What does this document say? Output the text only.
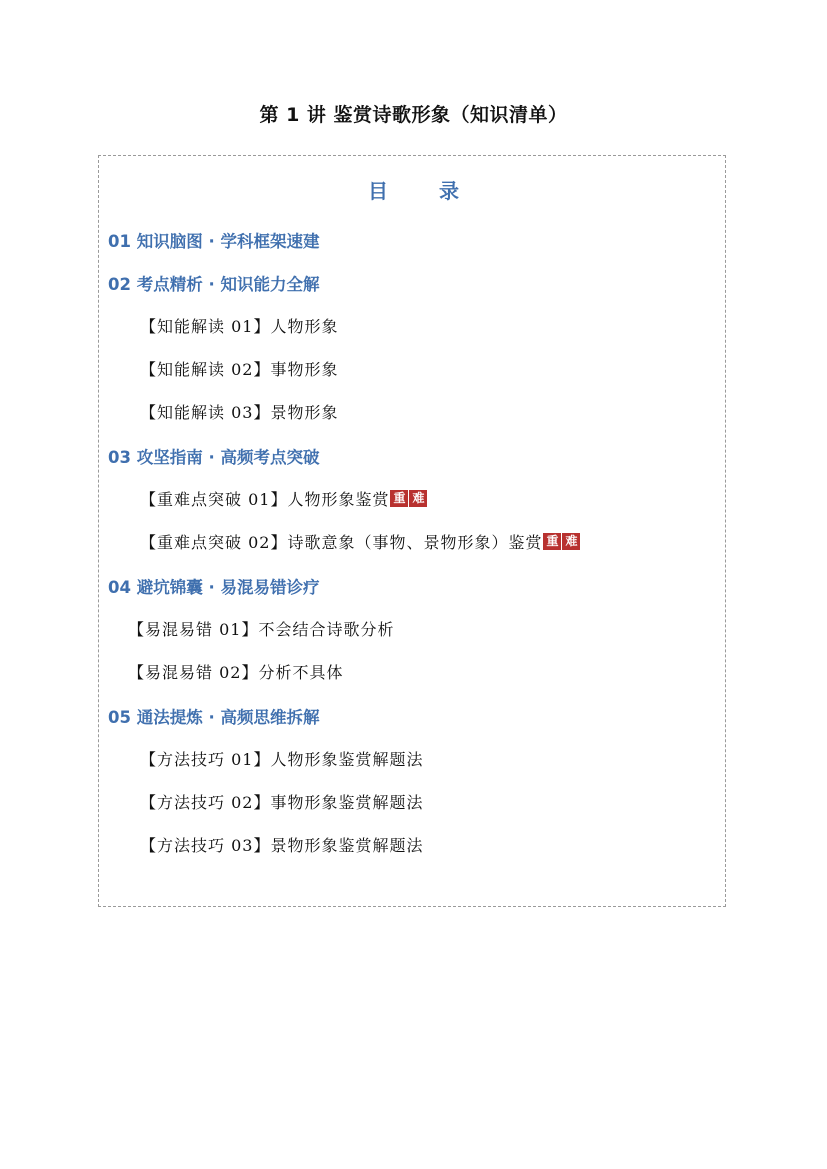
第 1 讲 鉴赏诗歌形象（知识清单）
目 录
01 知识脑图 · 学科框架速建
02 考点精析 · 知识能力全解
【知能解读 01】人物形象
【知能解读 02】事物形象
【知能解读 03】景物形象
03 攻坚指南 · 高频考点突破
【重难点突破 01】人物形象鉴赏 重 难
【重难点突破 02】诗歌意象（事物、景物形象）鉴赏 重 难
04 避坑锦囊 · 易混易错诊疗
【易混易错 01】不会结合诗歌分析
【易混易错 02】分析不具体
05 通法提炼 · 高频思维拆解
【方法技巧 01】人物形象鉴赏解题法
【方法技巧 02】事物形象鉴赏解题法
【方法技巧 03】景物形象鉴赏解题法
